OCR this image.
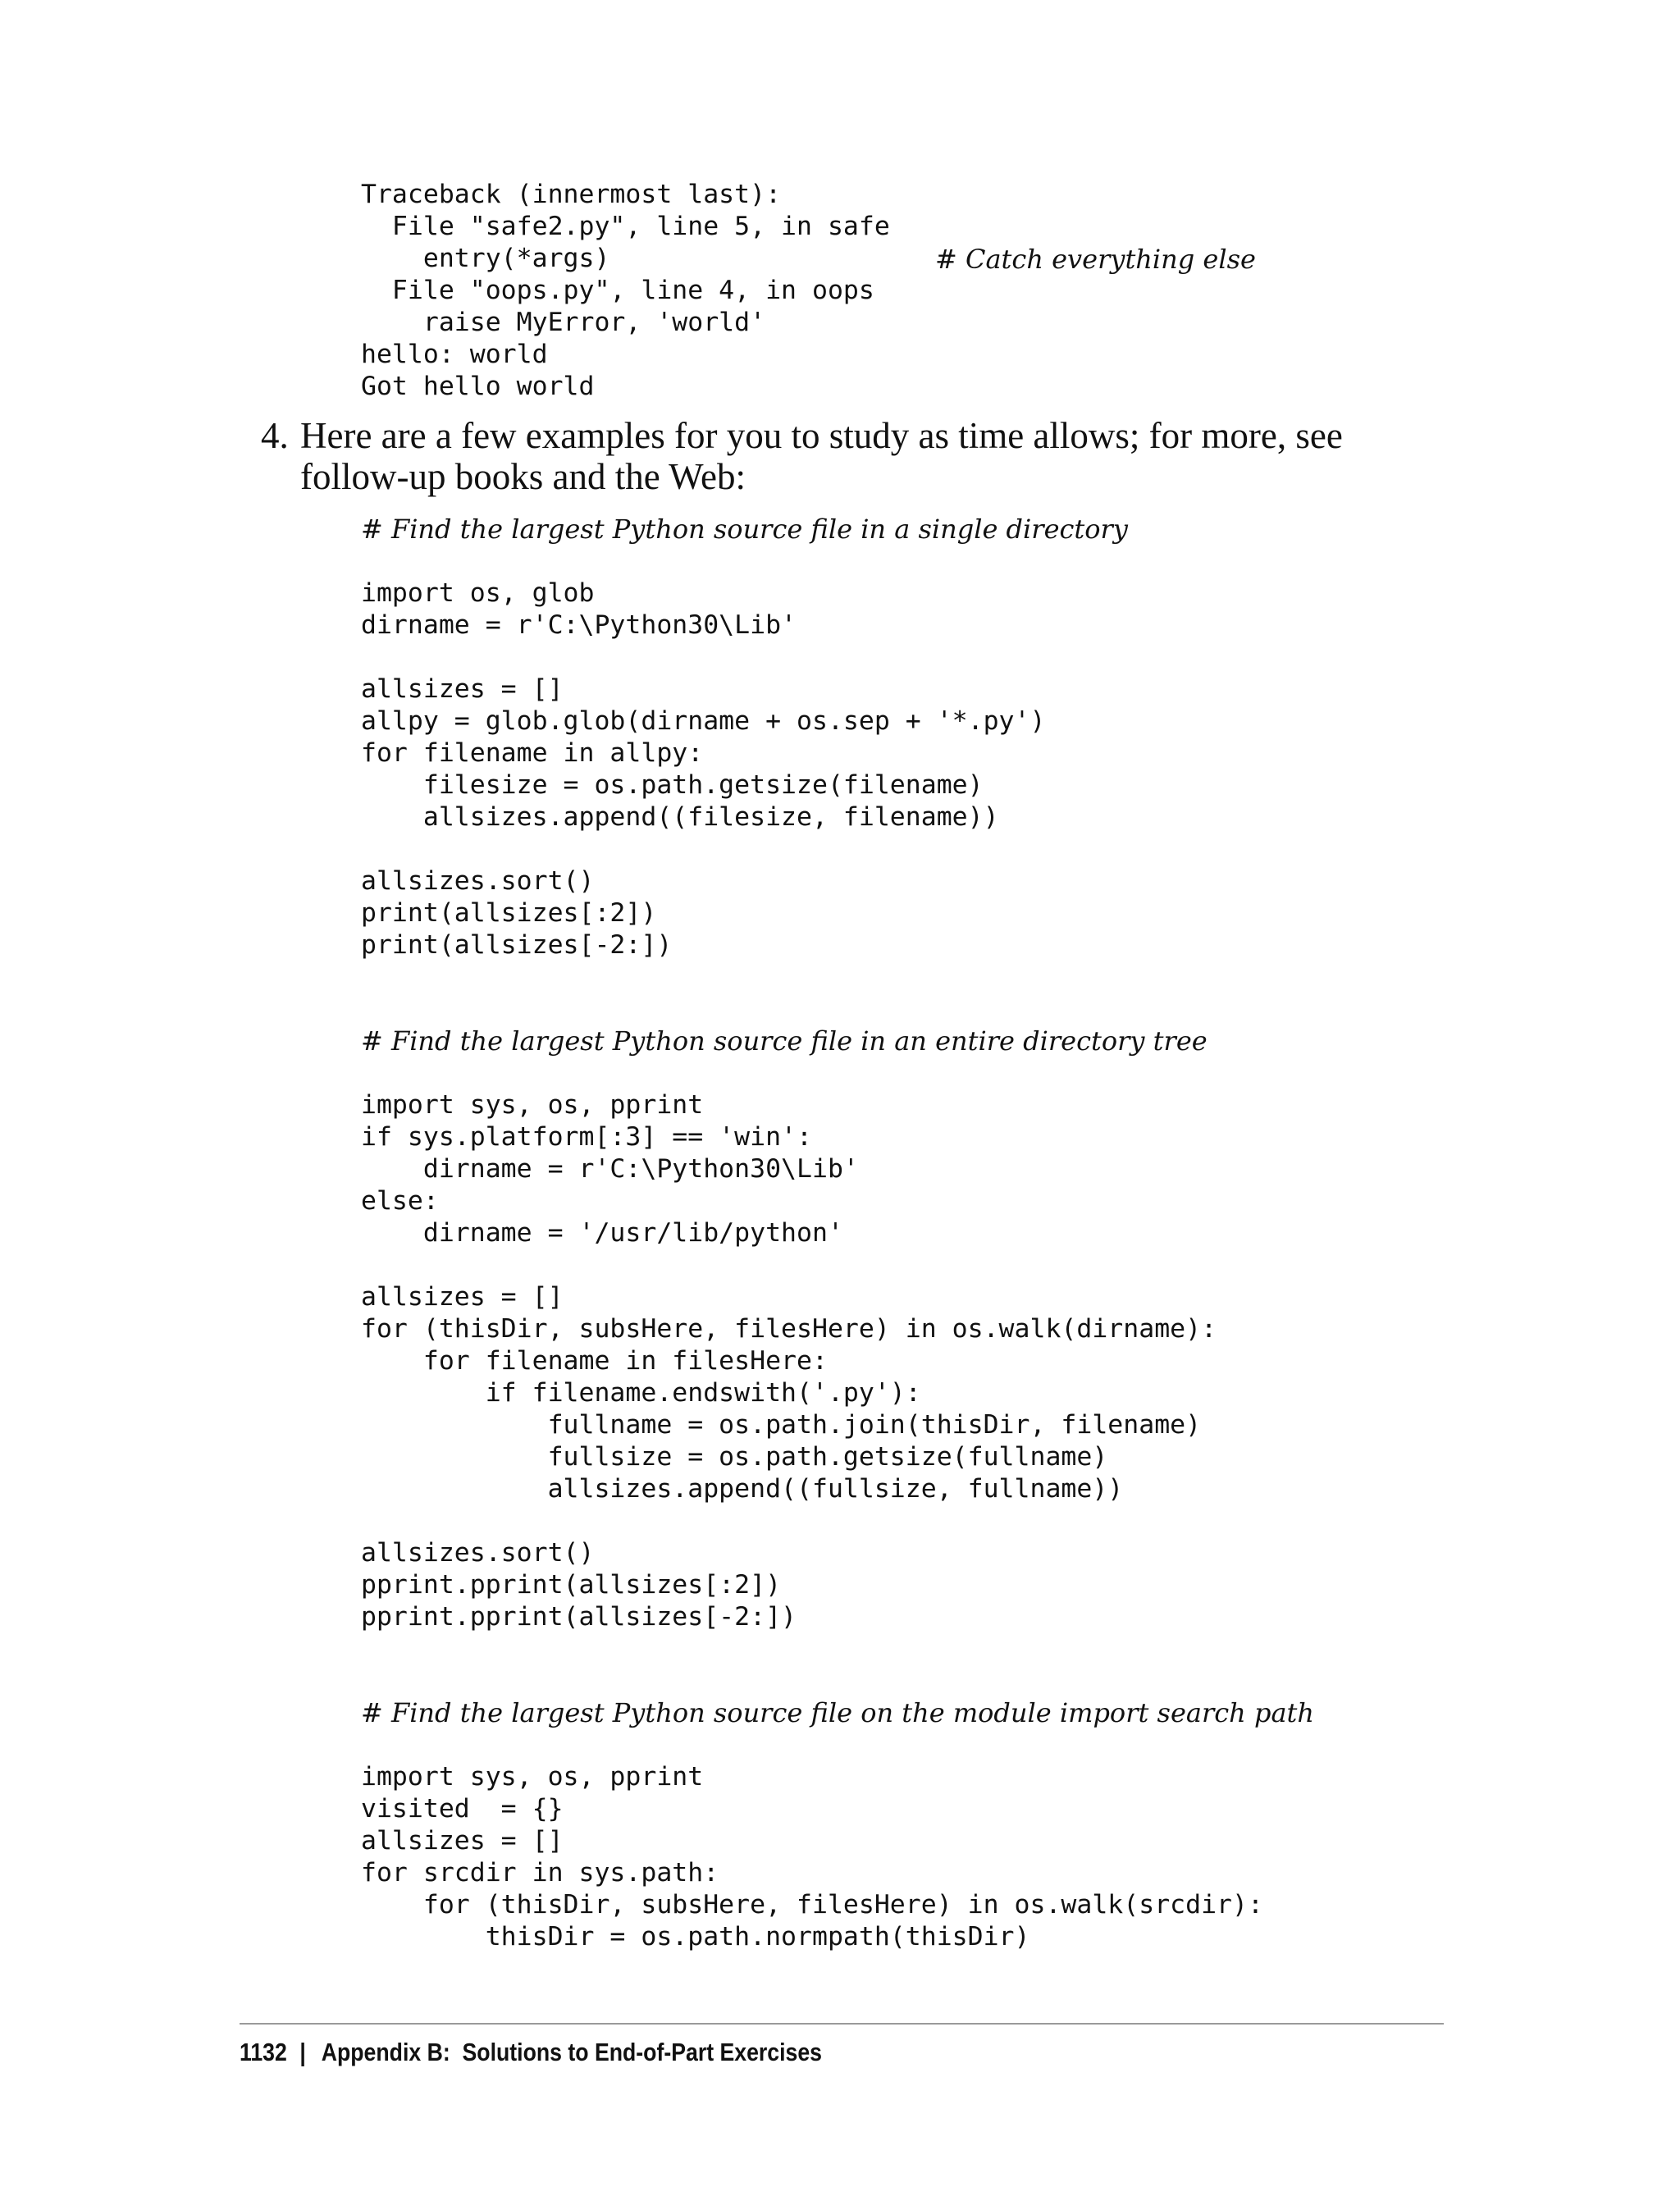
Traceback (innermost last):
File "safe2.py", line 5, in safe
entry(*args)
File "oops.py", line 4, in oops
raise MyError, 'world'
hello: world
Got hello world
# Catch everything else
4. Here are a few examples for you to study as time allows; for more, see follow-up books and the Web:
# Find the largest Python source file in a single directory
import os, glob
dirname = r'C:\Python30\Lib'

allsizes = []
allpy = glob.glob(dirname + os.sep + '*.py')
for filename in allpy:
filesize = os.path.getsize(filename)
allsizes.append((filesize, filename))

allsizes.sort()
print(allsizes[:2])
print(allsizes[-2:])
# Find the largest Python source file in an entire directory tree
import sys, os, pprint
if sys.platform[:3] == 'win':
dirname = r'C:\Python30\Lib'
else:
dirname = '/usr/lib/python'

allsizes = []
for (thisDir, subsHere, filesHere) in os.walk(dirname):
for filename in filesHere:
if filename.endswith('.py'):
fullname = os.path.join(thisDir, filename)
fullsize = os.path.getsize(fullname)
allsizes.append((fullsize, fullname))

allsizes.sort()
pprint.pprint(allsizes[:2])
pprint.pprint(allsizes[-2:])
# Find the largest Python source file on the module import search path
import sys, os, pprint
visited  = {}
allsizes = []
for srcdir in sys.path:
for (thisDir, subsHere, filesHere) in os.walk(srcdir):
thisDir = os.path.normpath(thisDir)
1132 | Appendix B:  Solutions to End-of-Part Exercises
